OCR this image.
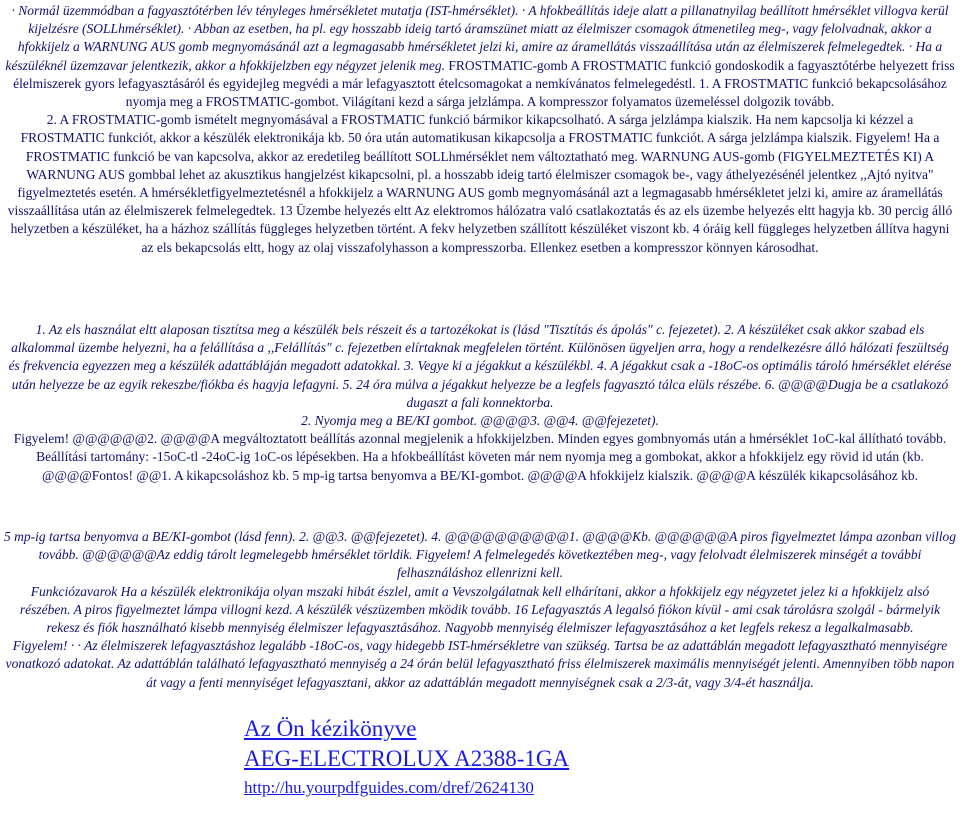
· Normál üzemmódban a fagyasztótérben lév tényleges hmérsékletet mutatja (IST-hmérséklet). · A hfokbeállítás ideje alatt a pillanatnyilag beállított hmérséklet villogva kerül kijelzésre (SOLLhmérséklet). · Abban az esetben, ha pl. egy hosszabb ideig tartó áramszünet miatt az élelmiszer csomagok átmenetileg meg-, vagy felolvadnak, akkor a hfokkijelz a WARNUNG AUS gomb megnyomásánál azt a legmagasabb hmérsékletet jelzi ki, amire az áramellátás visszaállítása után az élelmiszerek felmelegedtek. · Ha a készüléknél üzemzavar jelentkezik, akkor a hfokkijelzben egy négyzet jelenik meg. FROSTMATIC-gomb A FROSTMATIC funkció gondoskodik a fagyasztótérbe helyezett friss élelmiszerek gyors lefagyasztásáról és egyidejleg megvédi a már lefagyasztott ételcsomagokat a nemkívánatos felmelegedéstl. 1. A FROSTMATIC funkció bekapcsolásához nyomja meg a FROSTMATIC-gombot. Világítani kezd a sárga jelzlámpa. A kompresszor folyamatos üzemeléssel dolgozik tovább.

2. A FROSTMATIC-gomb ismételt megnyomásával a FROSTMATIC funkció bármikor kikapcsolható. A sárga jelzlámpa kialszik. Ha nem kapcsolja ki kézzel a FROSTMATIC funkciót, akkor a készülék elektronikája kb. 50 óra után automatikusan kikapcsolja a FROSTMATIC funkciót. A sárga jelzlámpa kialszik. Figyelem! Ha a FROSTMATIC funkció be van kapcsolva, akkor az eredetileg beállított SOLLhmérséklet nem változtatható meg. WARNUNG AUS-gomb (FIGYELMEZTETÉS KI) A WARNUNG AUS gombbal lehet az akusztikus hangjelzést kikapcsolni, pl. a hosszabb ideig tartó élelmiszer csomagok be-, vagy áthelyezésénél jelentkez ,,Ajtó nyitva" figyelmeztetés esetén. A hmérsékletfigyelmeztetésnél a hfokkijelz a WARNUNG AUS gomb megnyomásánál azt a legmagasabb hmérsékletet jelzi ki, amire az áramellátás visszaállítása után az élelmiszerek felmelegedtek. 13 Üzembe helyezés eltt Az elektromos hálózatra való csatlakoztatás és az els üzembe helyezés eltt hagyja kb. 30 percig álló helyzetben a készüléket, ha a házhoz szállítás függleges helyzetben történt. A fekv helyzetben szállított készüléket viszont kb. 4 óráig kell függleges helyzetben állítva hagyni az els bekapcsolás eltt, hogy az olaj visszafolyhasson a kompresszorba. Ellenkez esetben a kompresszor könnyen károsodhat.

1. Az els használat eltt alaposan tisztítsa meg a készülék bels részeit és a tartozékokat is (lásd "Tisztítás és ápolás" c. fejezetet). 2. A készüléket csak akkor szabad els alkalommal üzembe helyezni, ha a felállítása a ,,Felállítás" c. fejezetben elírtaknak megfelelen történt. Különösen ügyeljen arra, hogy a rendelkezésre álló hálózati feszültség és frekvencia egyezzen meg a készülék adattábláján megadott adatokkal. 3. Vegye ki a jégakkut a készülékbl. 4. A jégakkut csak a -18oC-os optimális tároló hmérséklet elérése után helyezze be az egyik rekeszbe/fiókba és hagyja lefagyni. 5. 24 óra múlva a jégakkut helyezze be a legfels fagyasztó tálca elüls részébe. 6. @@@@Dugja be a csatlakozó dugaszt a fali konnektorba.

2. Nyomja meg a BE/KI gombot. @@@@3. @@4. @@fejezetet).

Figyelem! @@@@@@2. @@@@A megváltoztatott beállítás azonnal megjelenik a hfokkijelzben. Minden egyes gombnyomás után a hmérséklet 1oC-kal állítható tovább. Beállítási tartomány: -15oC-tl -24oC-ig 1oC-os lépésekben. Ha a hfokbeállítást követen már nem nyomja meg a gombokat, akkor a hfokkijelz egy rövid id után (kb. @@@@Fontos! @@1. A kikapcsoláshoz kb. 5 mp-ig tartsa benyomva a BE/KI-gombot. @@@@A hfokkijelz kialszik. @@@@A készülék kikapcsolásához kb.

5 mp-ig tartsa benyomva a BE/KI-gombot (lásd fenn). 2. @@3. @@fejezetet). 4. @@@@@@@@@@1. @@@@Kb. @@@@@@A piros figyelmeztet lámpa azonban villog tovább. @@@@@@Az eddig tárolt legmelegebb hmérséklet törldik. Figyelem! A felmelegedés következtében meg-, vagy felolvadt élelmiszerek minségét a további felhasználáshoz ellenrizni kell.

Funkciózavarok Ha a készülék elektronikája olyan mszaki hibát észlel, amit a Vevszolgálatnak kell elhárítani, akkor a hfokkijelz egy négyzetet jelez ki a hfokkijelz alsó részében. A piros figyelmeztet lámpa villogni kezd. A készülék vészüzemben mködik tovább. 16 Lefagyasztás A legalsó fiókon kívül - ami csak tárolásra szolgál - bármelyik rekesz és fiók használható kisebb mennyiség élelmiszer lefagyasztásához. Nagyobb mennyiség élelmiszer lefagyasztásához a ket legfels rekesz a legalkalmasabb.

Figyelem! · · Az élelmiszerek lefagyasztáshoz legalább -18oC-os, vagy hidegebb IST-hmérsékletre van szükség. Tartsa be az adattáblán megadott lefagyasztható mennyiségre vonatkozó adatokat. Az adattáblán található lefagyasztható mennyiség a 24 órán belül lefagyasztható friss élelmiszerek maximális mennyiségét jelenti. Amennyiben több napon át vagy a fenti mennyiséget lefagyasztani, akkor az adattáblán megadott mennyiségnek csak a 2/3-át, vagy 3/4-ét használja.

Az Ön kézikönyve
AEG-ELECTROLUX A2388-1GA
http://hu.yourpdfguides.com/dref/2624130
